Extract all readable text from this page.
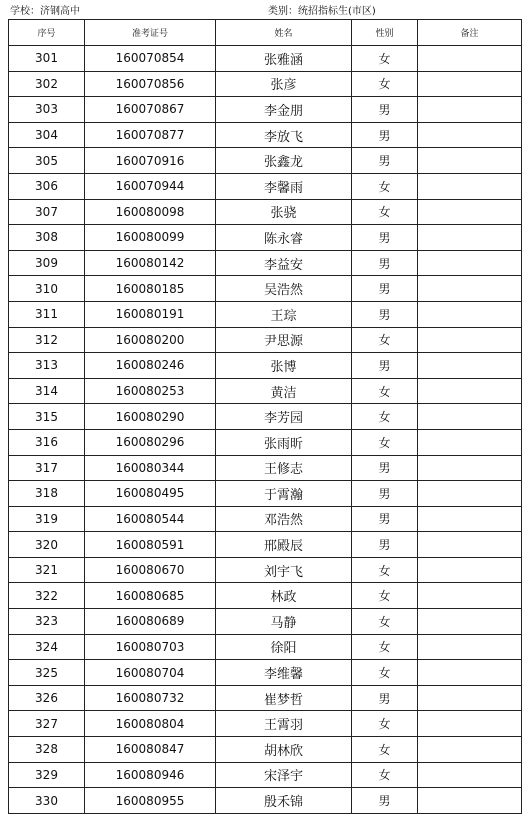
学校：济钢高中	类别：统招指标生(市区)
序号	准考证号	姓名	性别	备注
301	160070854	张雅涵	女	
302	160070856	张彦	女	
303	160070867	李金朋	男	
304	160070877	李放飞	男	
305	160070916	张鑫龙	男	
306	160070944	李馨雨	女	
307	160080098	张骁	女	
308	160080099	陈永睿	男	
309	160080142	李益安	男	
310	160080185	吴浩然	男	
311	160080191	王琮	男	
312	160080200	尹思源	女	
313	160080246	张博	男	
314	160080253	黄洁	女	
315	160080290	李芳园	女	
316	160080296	张雨昕	女	
317	160080344	王修志	男	
318	160080495	于霄瀚	男	
319	160080544	邓浩然	男	
320	160080591	邢殿辰	男	
321	160080670	刘宇飞	女	
322	160080685	林政	女	
323	160080689	马静	女	
324	160080703	徐阳	女	
325	160080704	李维馨	女	
326	160080732	崔梦哲	男	
327	160080804	王霄羽	女	
328	160080847	胡林欣	女	
329	160080946	宋泽宇	女	
330	160080955	殷禾锦	男	
